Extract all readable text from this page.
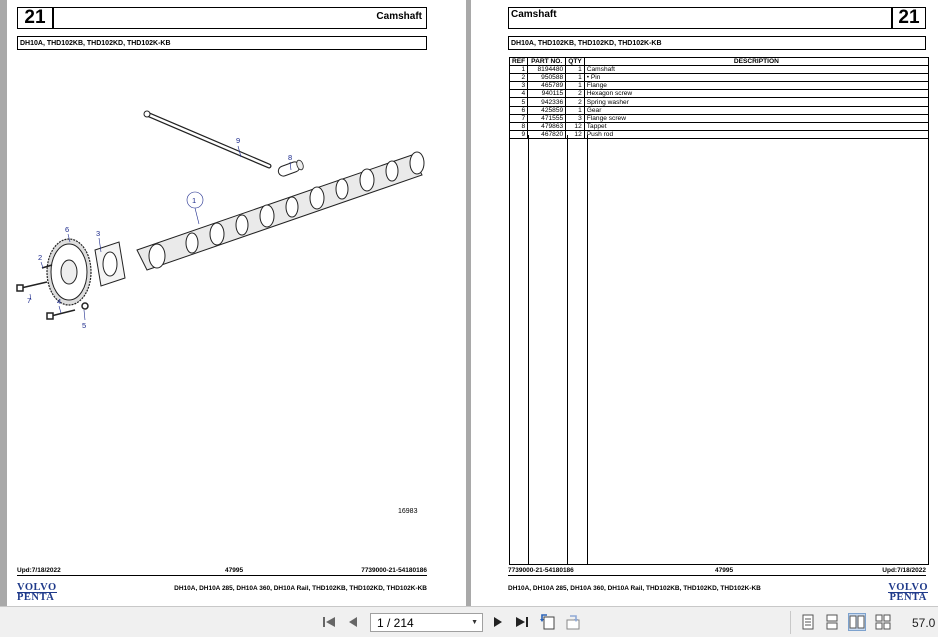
21	Camshaft
DH10A, THD102KB, THD102KD, THD102K-KB
1
2
3
4
5
6
7
8
9
16983
Upd:7/18/2022	47995	7739000-21-54180186
DH10A, DH10A 285, DH10A 360, DH10A Rail, THD102KB, THD102KD, THD102K-KB
VOLVO
PENTA
Camshaft	21
DH10A, THD102KB, THD102KD, THD102K-KB
REF	PART NO.	QTY	DESCRIPTION
1	8194480	1	Camshaft
2	950588	1	• Pin
3	465789	1	Flange
4	940115	2	Hexagon screw
5	942336	2	Spring washer
6	425859	1	Gear
7	471555	3	Flange screw
8	479863	12	Tappet
9	467820	12	Push rod
7739000-21-54180186	47995	Upd:7/18/2022
DH10A, DH10A 285, DH10A 360, DH10A Rail, THD102KB, THD102KD, THD102K-KB	VOLVO
PENTA
1 / 214	▼	57.0
